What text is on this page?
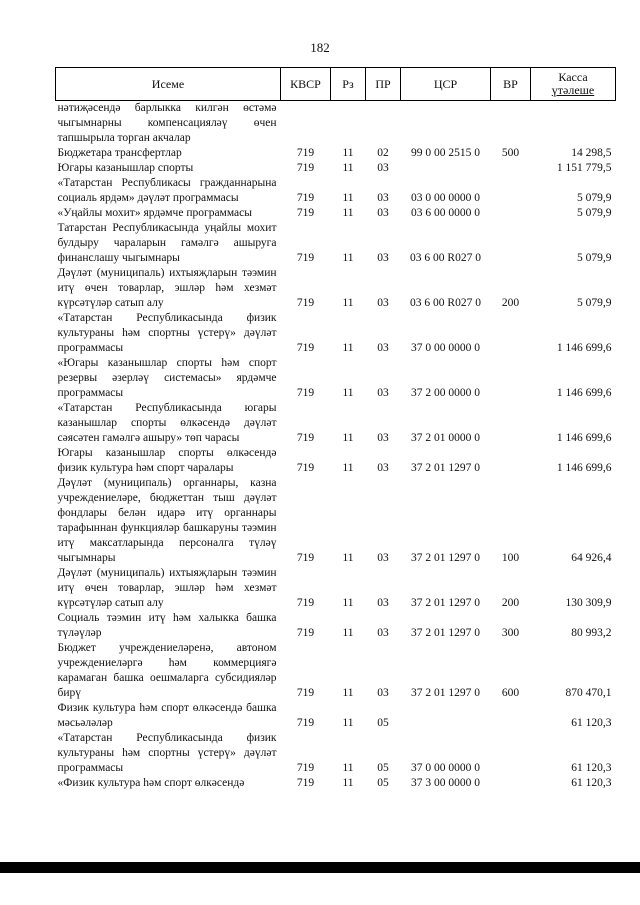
182
Исеме	КВСР	Рз	ПР	ЦСР	ВР	Касса
үтәлеше
нәтиҗәсендә барлыкка килгән өстәмә чыгымнарны компенсацияләү өчен тапшырыла торган акчалар						
Бюджетара трансфертлар	719	11	02	99 0 00 2515 0	500	14 298,5
Югары казанышлар спорты	719	11	03			1 151 779,5
«Татарстан Республикасы гражданнарына социаль ярдәм» дәүләт программасы	719	11	03	03 0 00 0000 0		5 079,9
«Уңайлы мохит» ярдәмче программасы	719	11	03	03 6 00 0000 0		5 079,9
Татарстан Республикасында уңайлы мохит булдыру чараларын гамәлгә ашыруга финанслашу чыгымнары	719	11	03	03 6 00 R027 0		5 079,9
Дәүләт (муниципаль) ихтыяҗларын тәэмин итү өчен товарлар, эшләр һәм хезмәт күрсәтүләр сатып алу	719	11	03	03 6 00 R027 0	200	5 079,9
«Татарстан Республикасында физик культураны һәм спортны үстерү» дәүләт программасы	719	11	03	37 0 00 0000 0		1 146 699,6
«Югары казанышлар спорты һәм спорт резервы әзерләү системасы» ярдәмче программасы	719	11	03	37 2 00 0000 0		1 146 699,6
«Татарстан Республикасында югары казанышлар спорты өлкәсендә дәүләт сәясәтен гамәлгә ашыру» төп чарасы	719	11	03	37 2 01 0000 0		1 146 699,6
Югары казанышлар спорты өлкәсендә физик культура һәм спорт чаралары	719	11	03	37 2 01 1297 0		1 146 699,6
Дәүләт (муниципаль) органнары, казна учреждениеләре, бюджеттан тыш дәүләт фондлары белән идарә итү органнары тарафыннан функцияләр башкаруны тәэмин итү максатларында персоналга түләү чыгымнары	719	11	03	37 2 01 1297 0	100	64 926,4
Дәүләт (муниципаль) ихтыяҗларын тәэмин итү өчен товарлар, эшләр һәм хезмәт күрсәтүләр сатып алу	719	11	03	37 2 01 1297 0	200	130 309,9
Социаль тәэмин итү һәм халыкка башка түләүләр	719	11	03	37 2 01 1297 0	300	80 993,2
Бюджет учреждениеләренә, автоном учреждениеләргә һәм коммерциягә карамаган башка оешмаларга субсидияләр бирү	719	11	03	37 2 01 1297 0	600	870 470,1
Физик культура һәм спорт өлкәсендә башка мәсьәләләр	719	11	05			61 120,3
«Татарстан Республикасында физик культураны һәм спортны үстерү» дәүләт программасы	719	11	05	37 0 00 0000 0		61 120,3
«Физик культура һәм спорт өлкәсендә	719	11	05	37 3 00 0000 0		61 120,3
